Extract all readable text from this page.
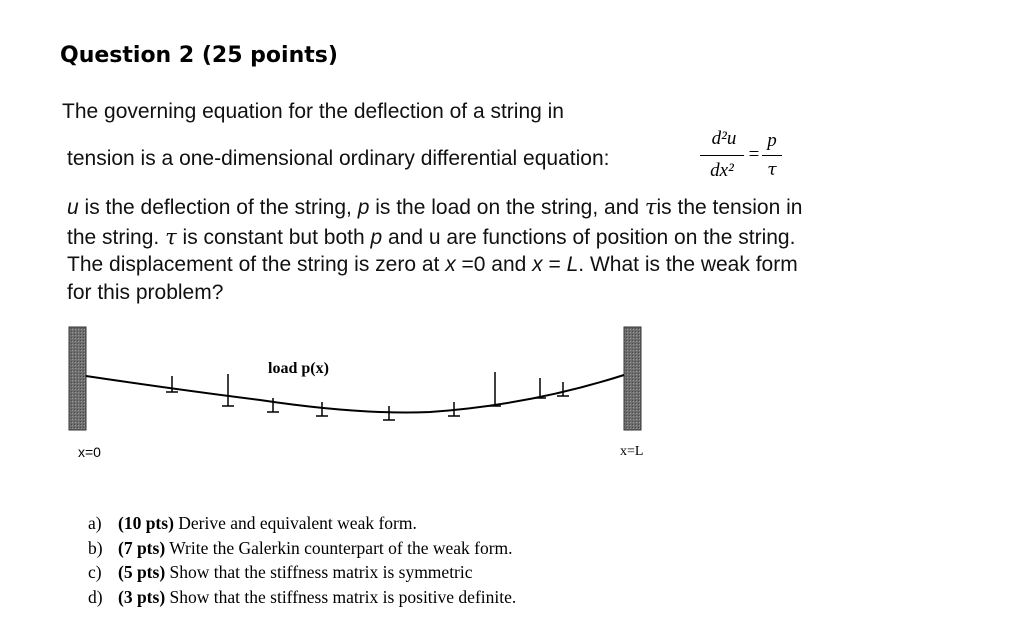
Question 2 (25 points)
The governing equation for the deflection of a string in
tension is a one-dimensional ordinary differential equation:
d²u
dx²
=
p
τ
u is the deflection of the string, p is the load on the string, and τis the tension in
the string. τ is constant but both p and u are functions of position on the string.
The displacement of the string is zero at x =0 and x = L. What is the weak form
for this problem?
load p(x)
x=0	x=L
a) (10 pts) Derive and equivalent weak form.
b) (7 pts) Write the Galerkin counterpart of the weak form.
c) (5 pts) Show that the stiffness matrix is symmetric
d) (3 pts) Show that the stiffness matrix is positive definite.
